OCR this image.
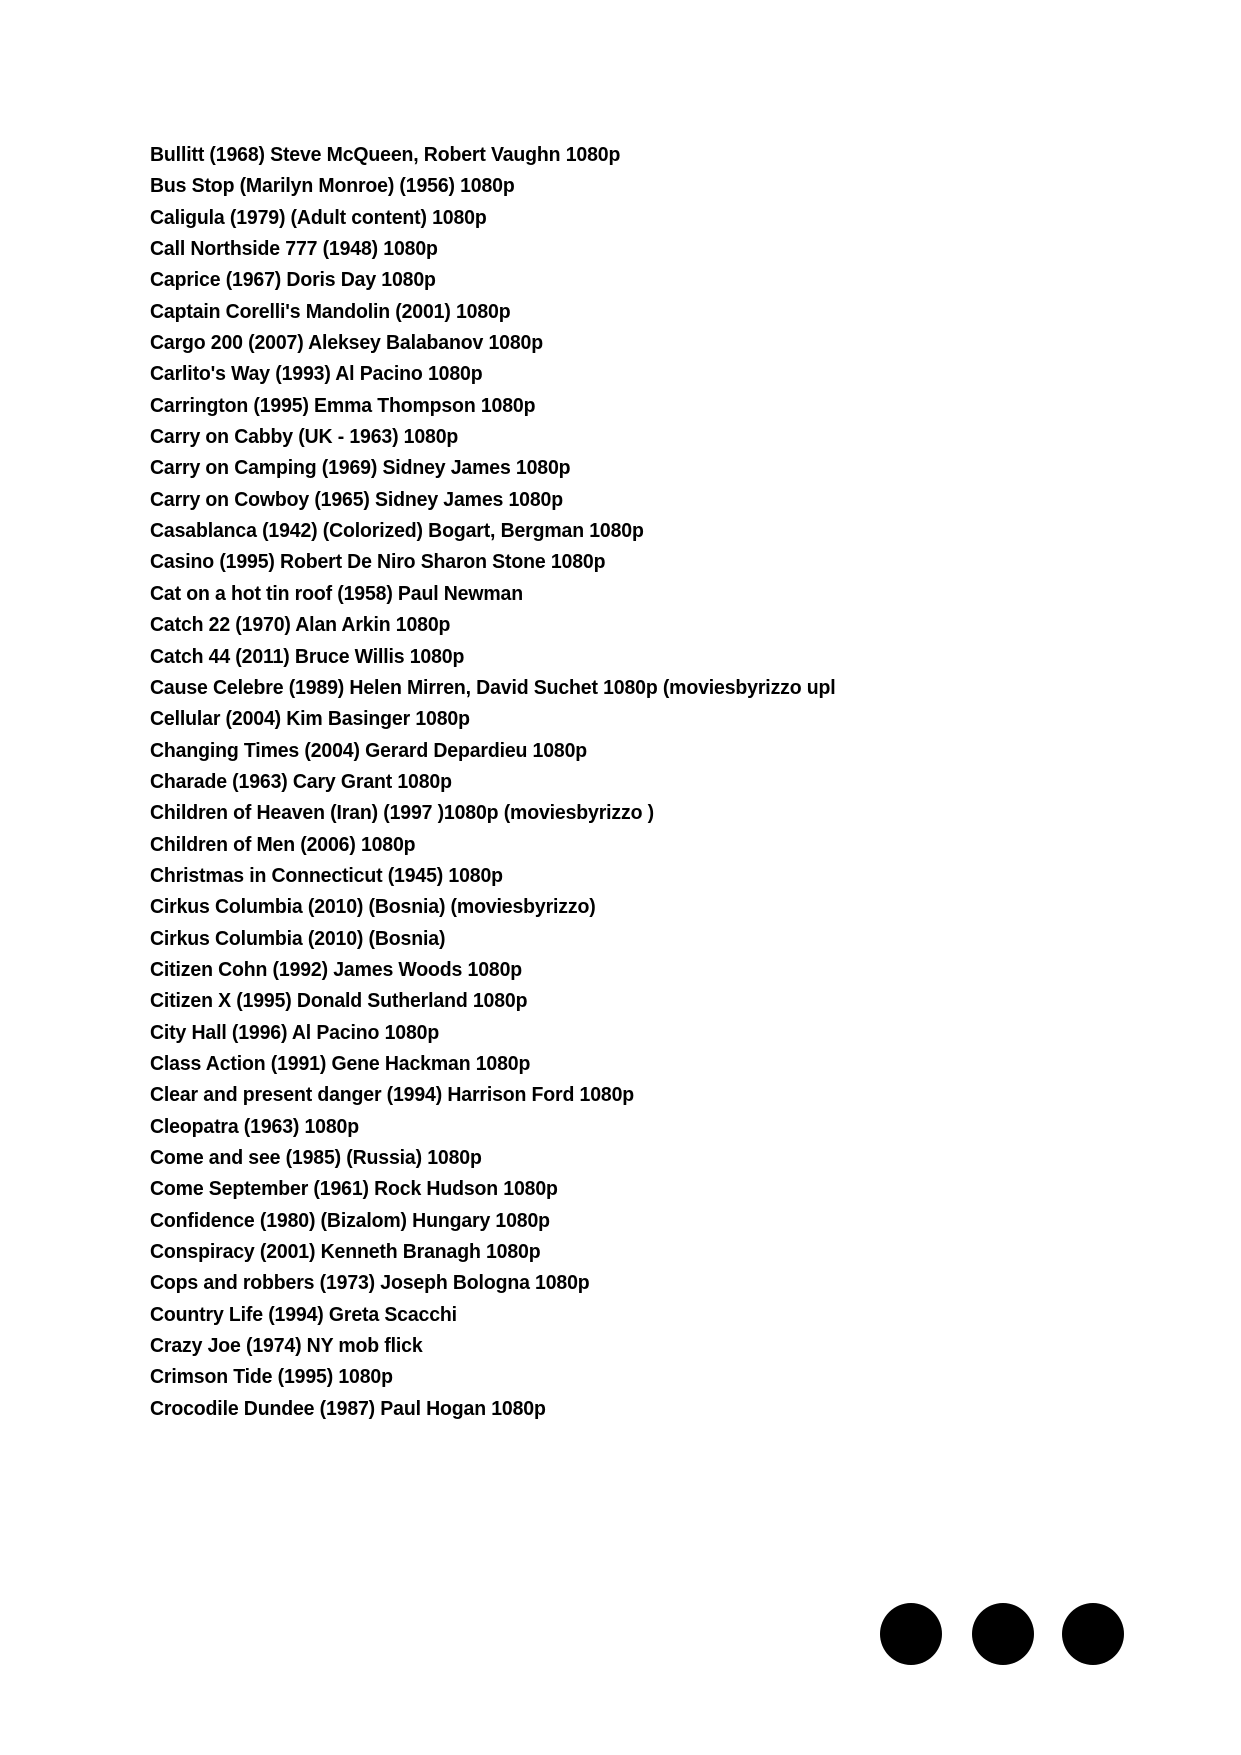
Bullitt (1968) Steve McQueen, Robert Vaughn 1080p
Bus Stop (Marilyn Monroe) (1956) 1080p
Caligula (1979) (Adult content) 1080p
Call Northside 777 (1948) 1080p
Caprice (1967) Doris Day 1080p
Captain Corelli's Mandolin (2001) 1080p
Cargo 200 (2007) Aleksey Balabanov 1080p
Carlito's Way (1993) Al Pacino 1080p
Carrington (1995) Emma Thompson 1080p
Carry on Cabby (UK - 1963) 1080p
Carry on Camping (1969) Sidney James 1080p
Carry on Cowboy (1965) Sidney James 1080p
Casablanca (1942) (Colorized) Bogart, Bergman 1080p
Casino (1995) Robert De Niro Sharon Stone 1080p
Cat on a hot tin roof (1958) Paul Newman
Catch 22 (1970) Alan Arkin 1080p
Catch 44 (2011) Bruce Willis 1080p
Cause Celebre (1989) Helen Mirren, David Suchet 1080p (moviesbyrizzo upl
Cellular (2004) Kim Basinger 1080p
Changing Times (2004) Gerard Depardieu 1080p
Charade (1963) Cary Grant 1080p
Children of Heaven (Iran) (1997 )1080p (moviesbyrizzo )
Children of Men (2006) 1080p
Christmas in Connecticut (1945) 1080p
Cirkus Columbia (2010) (Bosnia) (moviesbyrizzo)
Cirkus Columbia (2010) (Bosnia)
Citizen Cohn (1992) James Woods 1080p
Citizen X (1995) Donald Sutherland 1080p
City Hall (1996) Al Pacino 1080p
Class Action (1991) Gene Hackman 1080p
Clear and present danger (1994) Harrison Ford 1080p
Cleopatra (1963) 1080p
Come and see (1985) (Russia) 1080p
Come September (1961) Rock Hudson 1080p
Confidence (1980) (Bizalom) Hungary 1080p
Conspiracy (2001) Kenneth Branagh 1080p
Cops and robbers (1973) Joseph Bologna 1080p
Country Life (1994) Greta Scacchi
Crazy Joe (1974) NY mob flick
Crimson Tide (1995) 1080p
Crocodile Dundee (1987) Paul Hogan 1080p
